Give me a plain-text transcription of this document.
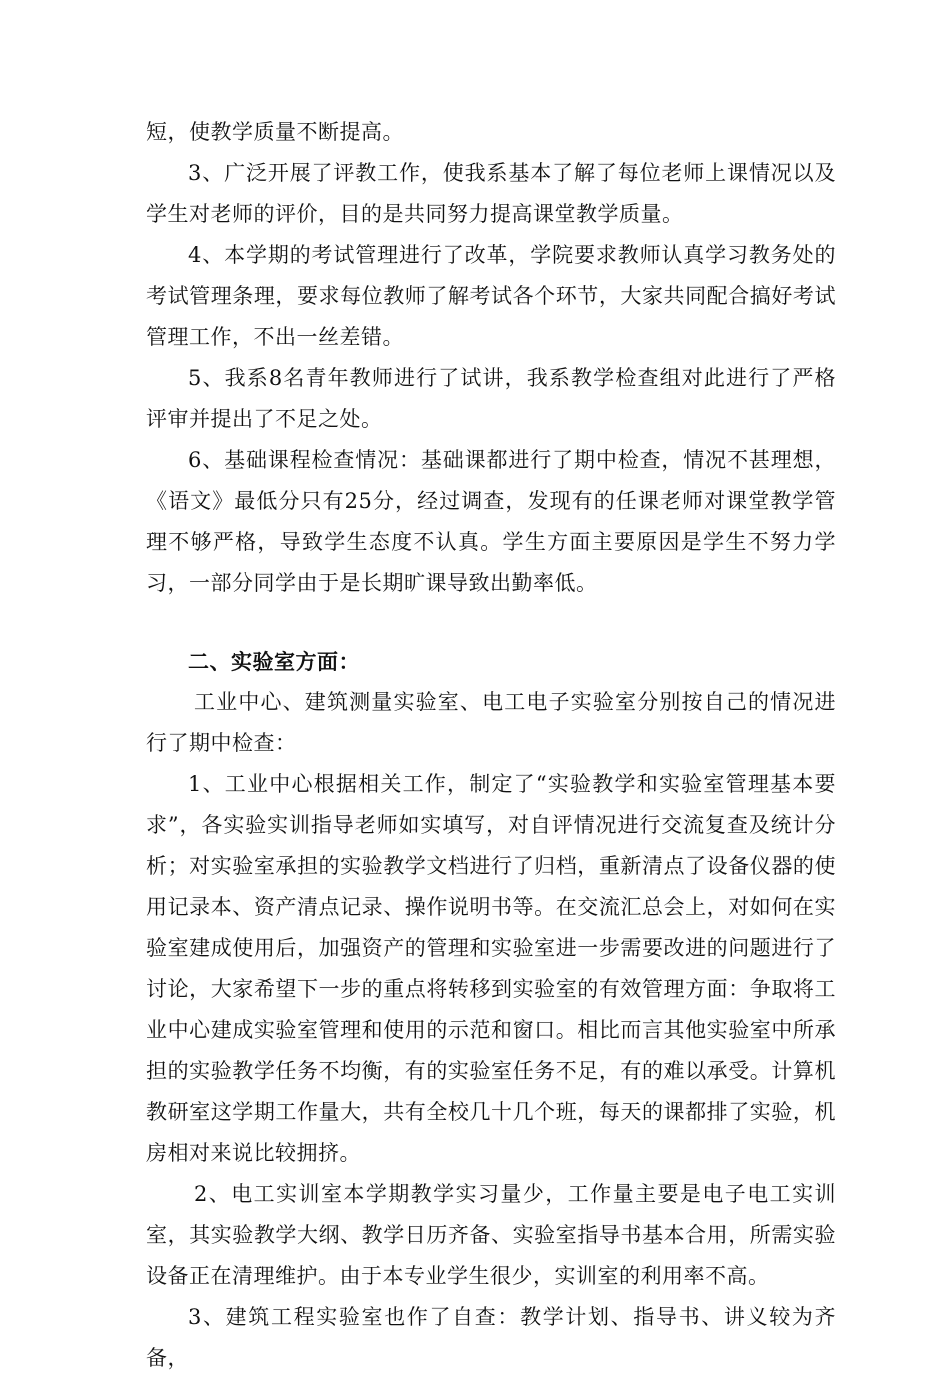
短，使教学质量不断提高。

3、广泛开展了评教工作，使我系基本了解了每位老师上课情况以及学生对老师的评价，目的是共同努力提高课堂教学质量。

4、本学期的考试管理进行了改革，学院要求教师认真学习教务处的考试管理条理，要求每位教师了解考试各个环节，大家共同配合搞好考试管理工作，不出一丝差错。

5、我系8名青年教师进行了试讲，我系教学检查组对此进行了严格评审并提出了不足之处。

6、基础课程检查情况：基础课都进行了期中检查，情况不甚理想，《语文》最低分只有25分，经过调查，发现有的任课老师对课堂教学管理不够严格，导致学生态度不认真。学生方面主要原因是学生不努力学习，一部分同学由于是长期旷课导致出勤率低。

二、实验室方面：

工业中心、建筑测量实验室、电工电子实验室分别按自己的情况进行了期中检查：

1、工业中心根据相关工作，制定了“实验教学和实验室管理基本要求”，各实验实训指导老师如实填写，对自评情况进行交流复查及统计分析；对实验室承担的实验教学文档进行了归档，重新清点了设备仪器的使用记录本、资产清点记录、操作说明书等。在交流汇总会上，对如何在实验室建成使用后，加强资产的管理和实验室进一步需要改进的问题进行了讨论，大家希望下一步的重点将转移到实验室的有效管理方面：争取将工业中心建成实验室管理和使用的示范和窗口。相比而言其他实验室中所承担的实验教学任务不均衡，有的实验室任务不足，有的难以承受。计算机教研室这学期工作量大，共有全校几十几个班，每天的课都排了实验，机房相对来说比较拥挤。

2、电工实训室本学期教学实习量少，工作量主要是电子电工实训室，其实验教学大纲、教学日历齐备、实验室指导书基本合用，所需实验设备正在清理维护。由于本专业学生很少，实训室的利用率不高。

3、建筑工程实验室也作了自查：教学计划、指导书、讲义较为齐备，
